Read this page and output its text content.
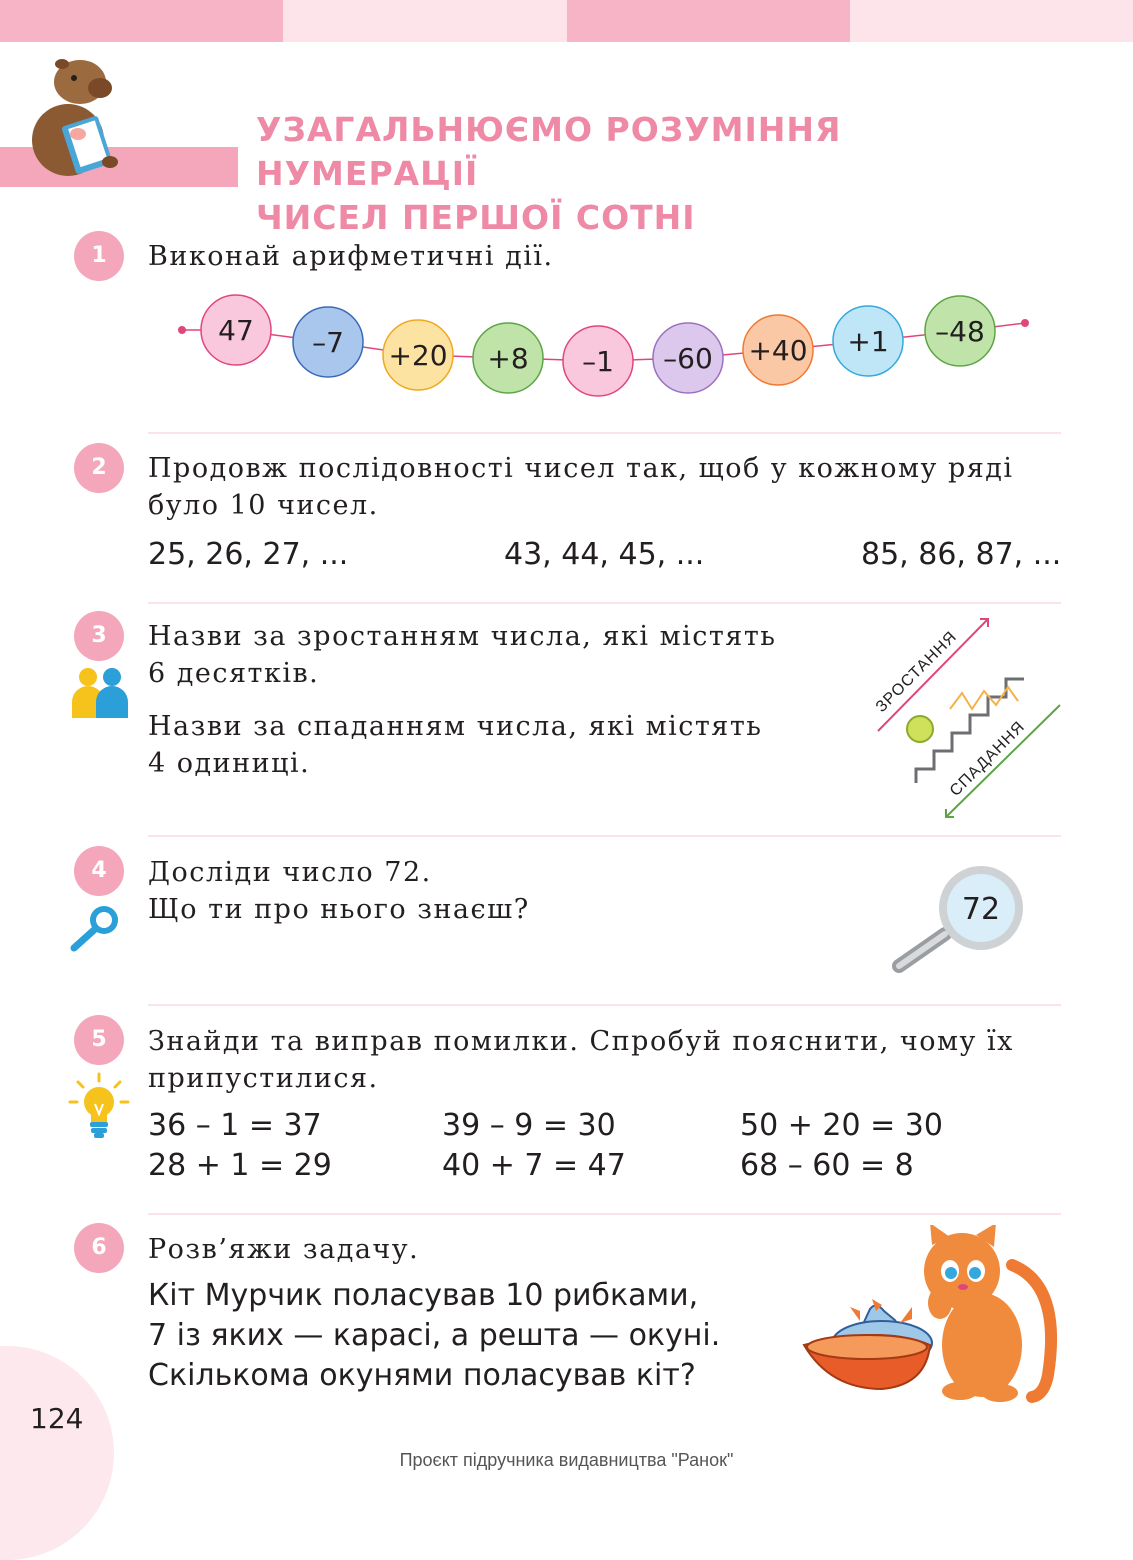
УЗАГАЛЬНЮЄМО РОЗУМІННЯ НУМЕРАЦІЇ
ЧИСЕЛ ПЕРШОЇ СОТНІ
1	Виконай арифметичні дії.
47 –7 +20 +8 –1 –60 +40 +1 –48
2	Продовж послідовності чисел так, щоб у кожному ряді
було 10 чисел.
25, 26, 27, ...	43, 44, 45, ...	85, 86, 87, ...
3	Назви за зростанням числа, які містять
6 десятків.
Назви за спаданням числа, які містять
4 одиниці.
ЗРОСТАННЯ
СПАДАННЯ
4	Досліди число 72.
Що ти про нього знаєш?	72
5	Знайди та виправ помилки. Спробуй пояснити, чому їх
припустилися.
36 – 1 = 37	39 – 9 = 30	50 + 20 = 30
28 + 1 = 29	40 + 7 = 47	68 – 60 = 8
6	Розв’яжи задачу.
Кіт Мурчик поласував 10 рибками,
7 із яких — карасі, а решта — окуні.
Скількома окунями поласував кіт?
124
Проєкт підручника видавництва "Ранок"
